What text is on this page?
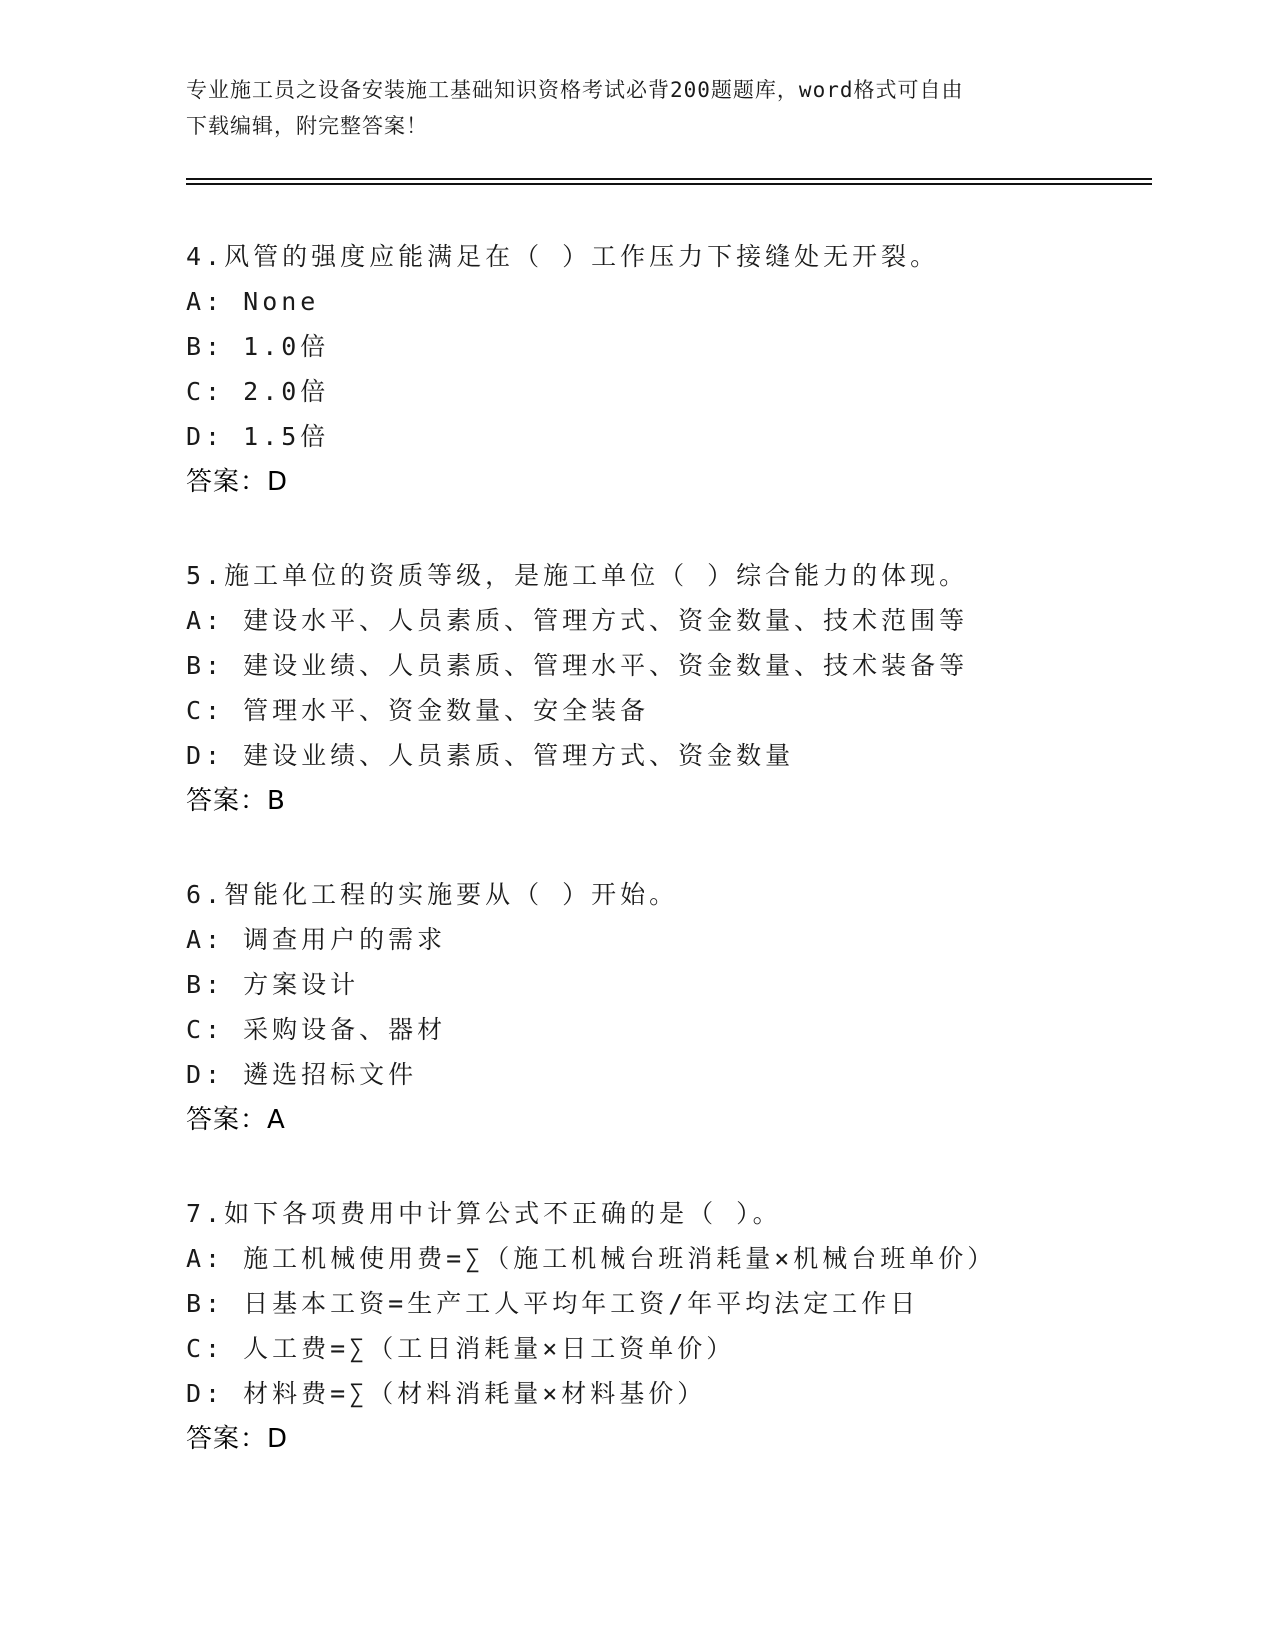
专业施工员之设备安装施工基础知识资格考试必背200题题库，word格式可自由
下载编辑，附完整答案！
4.风管的强度应能满足在（ ）工作压力下接缝处无开裂。
A: None
B: 1.0倍
C: 2.0倍
D: 1.5倍
答案：D
5.施工单位的资质等级，是施工单位（ ）综合能力的体现。
A: 建设水平、人员素质、管理方式、资金数量、技术范围等
B: 建设业绩、人员素质、管理水平、资金数量、技术装备等
C: 管理水平、资金数量、安全装备
D: 建设业绩、人员素质、管理方式、资金数量
答案：B
6.智能化工程的实施要从（ ）开始。
A: 调查用户的需求
B: 方案设计
C: 采购设备、器材
D: 遴选招标文件
答案：A
7.如下各项费用中计算公式不正确的是（ ）。
A: 施工机械使用费=∑（施工机械台班消耗量×机械台班单价）
B: 日基本工资=生产工人平均年工资/年平均法定工作日
C: 人工费=∑（工日消耗量×日工资单价）
D: 材料费=∑（材料消耗量×材料基价）
答案：D
